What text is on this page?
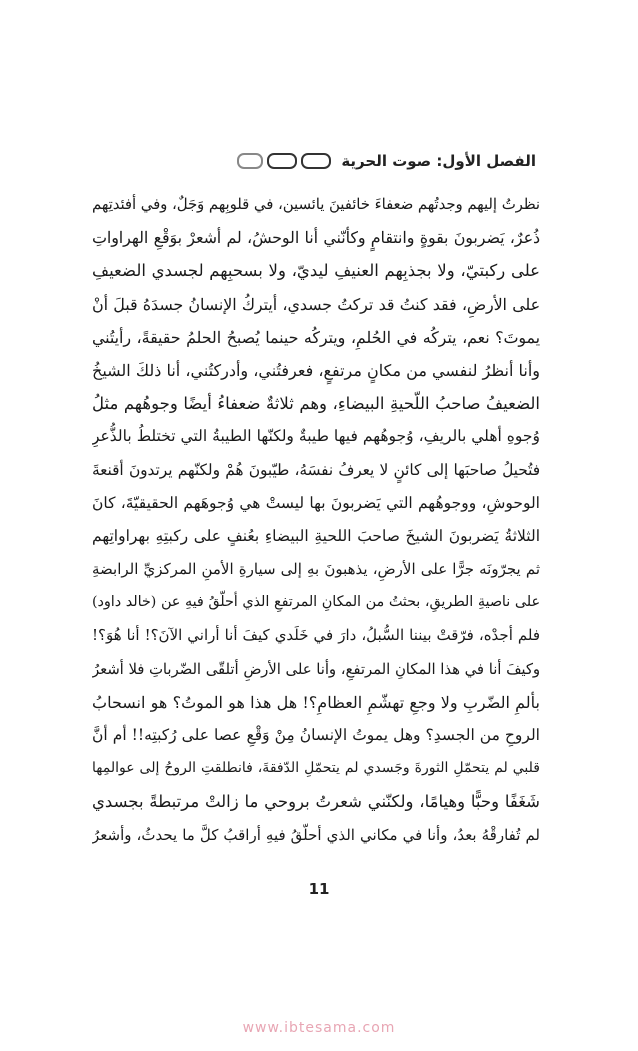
الفصل الأول: صوت الحرية
نظرتُ إليهم وجدتُهم ضعفاءَ خائفينَ يائسين، في قلوبِهم وَجَلٌ، وفي أفئدتِهم
ذُعرٌ، يَضربونَ بقوةٍ وانتقامٍ وكأنّني أنا الوحشُ، لم أشعرْ بوَقْعِ الهراواتِ
على ركبتيّ، ولا بجذبِهم العنيفِ ليديّ، ولا بسحبِهم لجسدي الضعيفِ
على الأرضِ، فقد كنتُ قد تركتُ جسدي، أيتركُ الإنسانُ جسدَهُ قبلَ أنْ
يموتَ؟ نعم، يتركُه في الحُلمِ، ويتركُه حينما يُصبحُ الحلمُ حقيقةً، رأيتُني
وأنا أنظرُ لنفسي من مكانٍ مرتفعٍ، فعرفتُني، وأدركتُني، أنا ذلكَ الشيخُ
الضعيفُ صاحبُ اللّحيةِ البيضاءِ، وهم ثلاثةٌ ضعفاءُ أيضًا وجوهُهم مثلُ
وُجوهِ أهلي بالريفِ، وُجوهُهم فيها طيبةٌ ولكنّها الطيبةُ التي تختلطُ بالذُّعرِ
فتُحيلُ صاحبَها إلى كائنٍ لا يعرفُ نفسَهُ، طيّبونَ هُمْ ولكنّهم يرتدونَ أقنعةَ
الوحوشِ، ووجوهُهم التي يَضربونَ بها ليستْ هي وُجوهَهم الحقيقيّةَ، كانَ
الثلاثةُ يَضربونَ الشيخَ صاحبَ اللحيةِ البيضاءِ بعُنفٍ على ركبتِهِ بهراواتِهم
ثم يجرّونَه جرًّا على الأرضِ، يذهبونَ بهِ إلى سيارةِ الأمنِ المركزيِّ الرابضةِ
على ناصيةِ الطريقِ، بحثتُ من المكانِ المرتفعِ الذي أحلّقُ فيهِ عن (خالد داود)
فلم أجدْه، فرّقتْ بيننا السُّبلُ، دارَ في خَلَدي كيفَ أنا أراني الآنَ؟! أنا هُوَ؟!
وكيفَ أنا في هذا المكانِ المرتفعِ، وأنا على الأرضِ أتلقّى الضّرباتِ فلا أشعرُ
بألمِ الضّربِ ولا وجعِ تهشّمِ العظامِ؟! هل هذا هو الموتُ؟ هو انسحابُ
الروحِ من الجسدِ؟ وهل يموتُ الإنسانُ مِنْ وَقْعِ عصا على رُكبتِه!! أم أنَّ
قلبي لم يتحمّلِ الثورةَ وجَسدي لم يتحمّلِ الدّفقةَ، فانطلقتِ الروحُ إلى عوالمِها
شَغَفًا وحبًّا وهيامًا، ولكنّني شعرتُ بروحي ما زالتْ مرتبطةً بجسدي
لم تُفارقْهُ بعدُ، وأنا في مكاني الذي أحلّقُ فيهِ أراقبُ كلَّ ما يحدثُ، وأشعرُ
11
www.ibtesama.com
